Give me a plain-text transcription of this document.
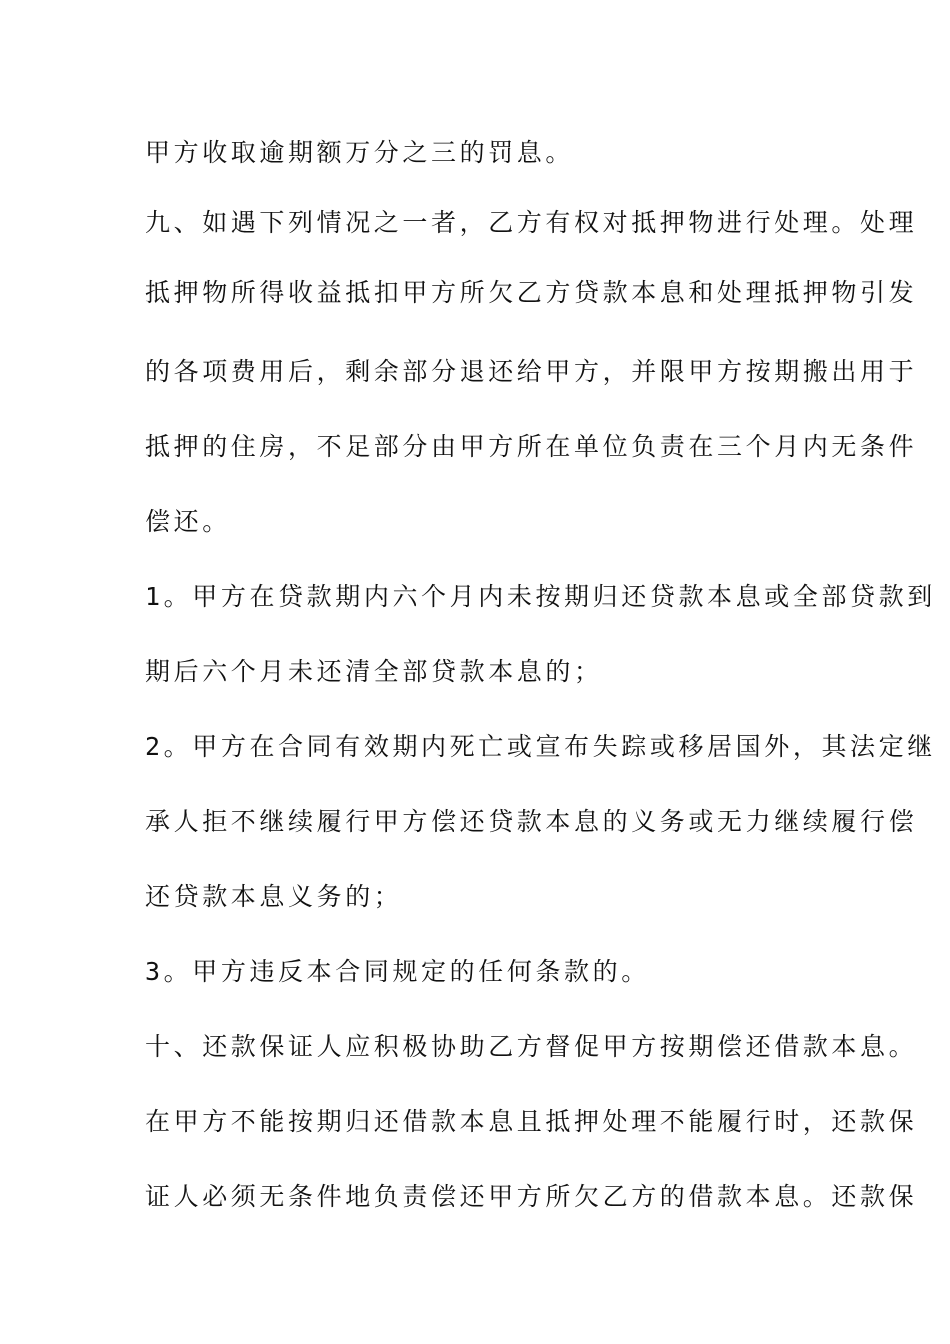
甲方收取逾期额万分之三的罚息。

九、如遇下列情况之一者，乙方有权对抵押物进行处理。处理

抵押物所得收益抵扣甲方所欠乙方贷款本息和处理抵押物引发

的各项费用后，剩余部分退还给甲方，并限甲方按期搬出用于

抵押的住房，不足部分由甲方所在单位负责在三个月内无条件

偿还。

1。甲方在贷款期内六个月内未按期归还贷款本息或全部贷款到

期后六个月未还清全部贷款本息的；

2。甲方在合同有效期内死亡或宣布失踪或移居国外，其法定继

承人拒不继续履行甲方偿还贷款本息的义务或无力继续履行偿

还贷款本息义务的；

3。甲方违反本合同规定的任何条款的。

十、还款保证人应积极协助乙方督促甲方按期偿还借款本息。

在甲方不能按期归还借款本息且抵押处理不能履行时，还款保

证人必须无条件地负责偿还甲方所欠乙方的借款本息。还款保
